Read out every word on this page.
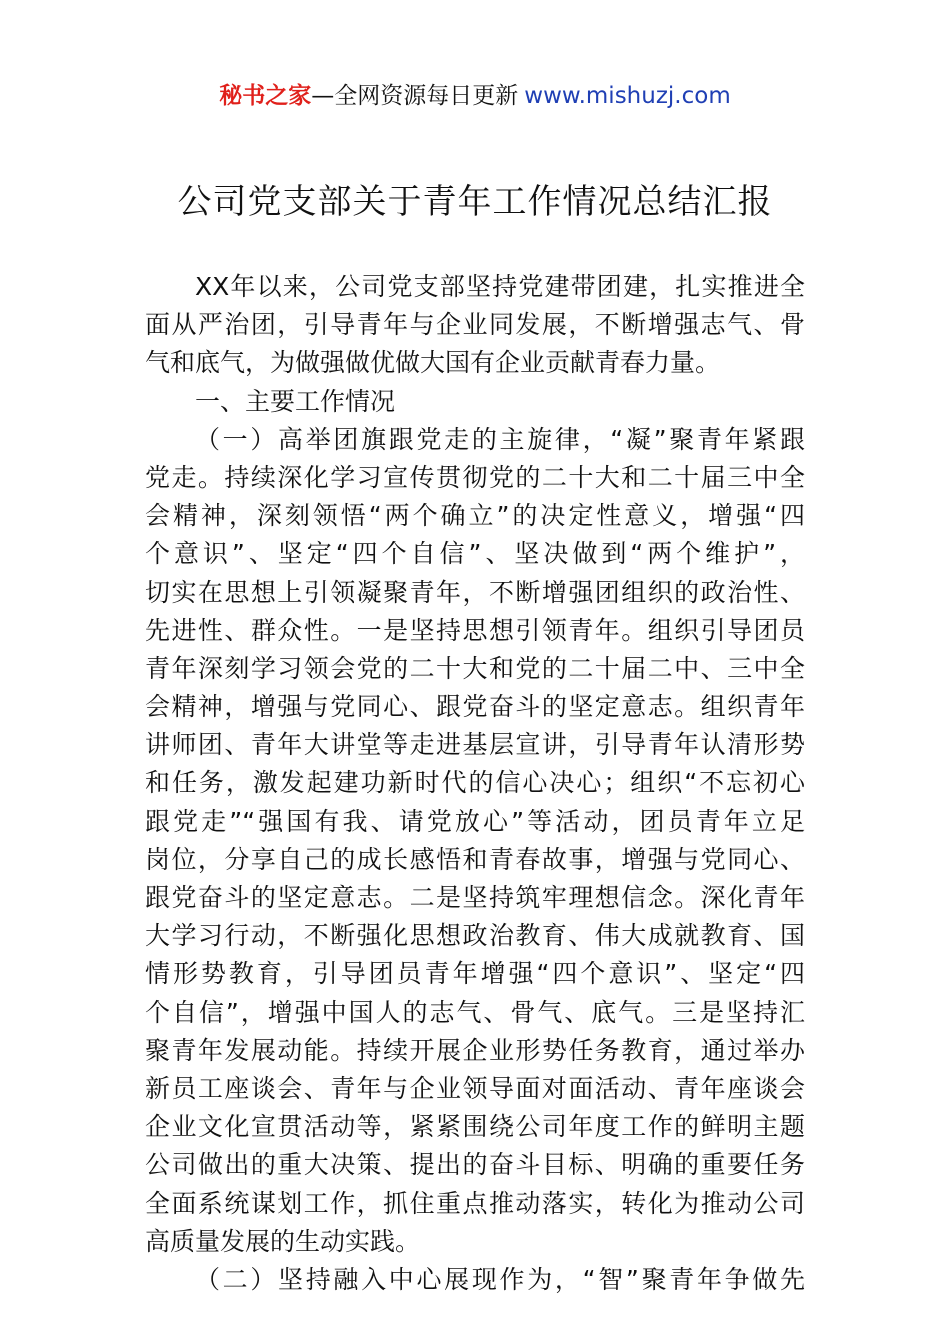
秘书之家—全网资源每日更新 www.mishuzj.com
公司党支部关于青年工作情况总结汇报
XX年以来，公司党支部坚持党建带团建，扎实推进全
面从严治团，引导青年与企业同发展，不断增强志气、骨
气和底气，为做强做优做大国有企业贡献青春力量。
一、主要工作情况
（一）高举团旗跟党走的主旋律，“凝”聚青年紧跟
党走。持续深化学习宣传贯彻党的二十大和二十届三中全
会精神，深刻领悟“两个确立”的决定性意义，增强“四
个意识”、坚定“四个自信”、坚决做到“两个维护”，
切实在思想上引领凝聚青年，不断增强团组织的政治性、
先进性、群众性。一是坚持思想引领青年。组织引导团员
青年深刻学习领会党的二十大和党的二十届二中、三中全
会精神，增强与党同心、跟党奋斗的坚定意志。组织青年
讲师团、青年大讲堂等走进基层宣讲，引导青年认清形势
和任务，激发起建功新时代的信心决心；组织“不忘初心
跟党走”“强国有我、请党放心”等活动，团员青年立足
岗位，分享自己的成长感悟和青春故事，增强与党同心、
跟党奋斗的坚定意志。二是坚持筑牢理想信念。深化青年
大学习行动，不断强化思想政治教育、伟大成就教育、国
情形势教育，引导团员青年增强“四个意识”、坚定“四
个自信”，增强中国人的志气、骨气、底气。三是坚持汇
聚青年发展动能。持续开展企业形势任务教育，通过举办
新员工座谈会、青年与企业领导面对面活动、青年座谈会
企业文化宣贯活动等，紧紧围绕公司年度工作的鲜明主题
公司做出的重大决策、提出的奋斗目标、明确的重要任务
全面系统谋划工作，抓住重点推动落实，转化为推动公司
高质量发展的生动实践。
（二）坚持融入中心展现作为，“智”聚青年争做先
